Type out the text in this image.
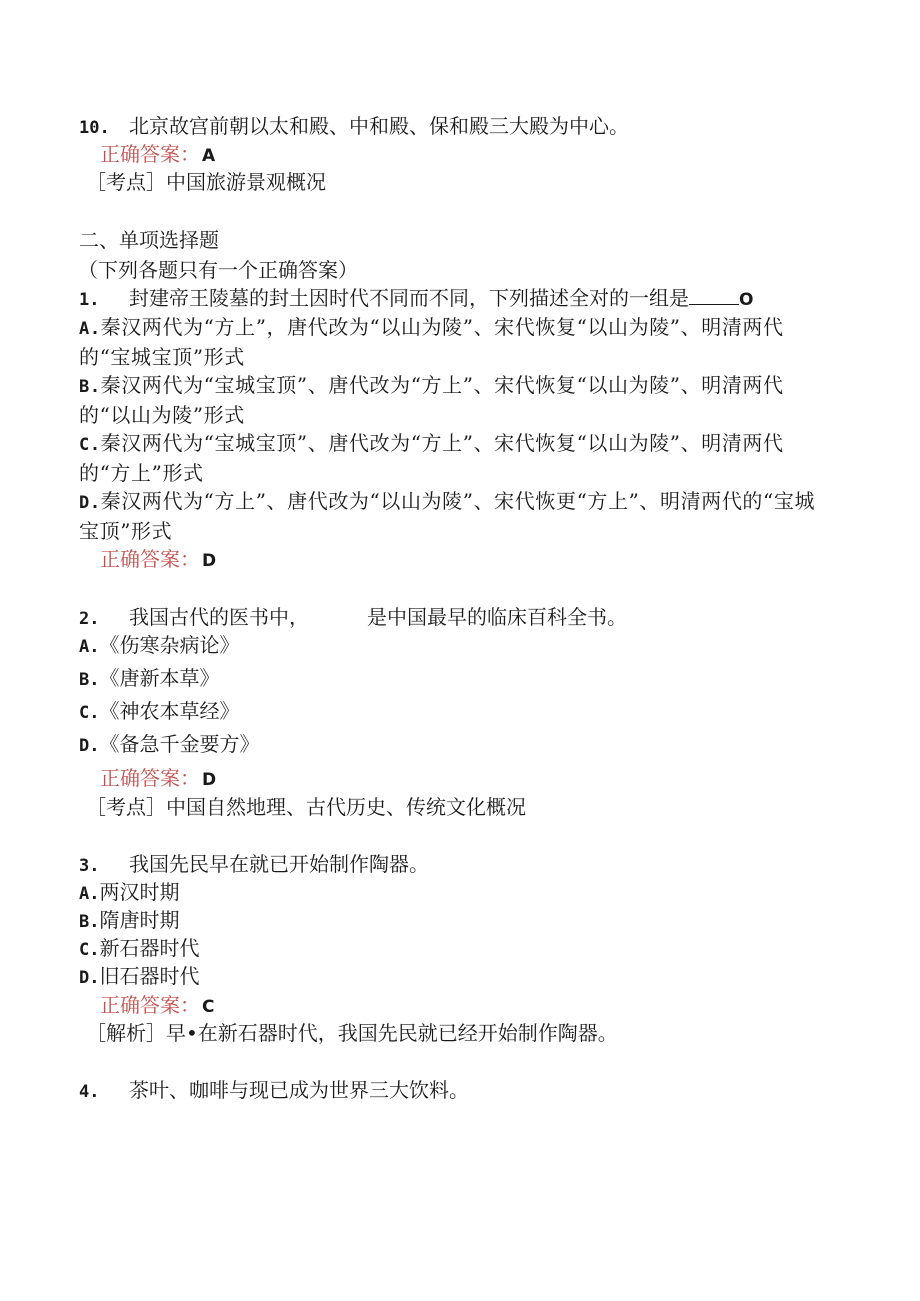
10. 北京故宫前朝以太和殿、中和殿、保和殿三大殿为中心。
正确答案： A
［考点］中国旅游景观概况
二、单项选择题
（下列各题只有一个正确答案）
1. 封建帝王陵墓的封土因时代不同而不同，下列描述全对的一组是	O
A.秦汉两代为“方上”，唐代改为“以山为陵”、宋代恢复“以山为陵”、明清两代的“宝城宝顶”形式
B.秦汉两代为“宝城宝顶”、唐代改为“方上”、宋代恢复“以山为陵”、明清两代的“以山为陵”形式
C.秦汉两代为“宝城宝顶”、唐代改为“方上”、宋代恢复“以山为陵”、明清两代的“方上”形式
D.秦汉两代为“方上”、唐代改为“以山为陵”、宋代恢更“方上”、明清两代的“宝城宝顶”形式
正确答案： D
2. 我国古代的医书中，	是中国最早的临床百科全书。
A.《伤寒杂病论》
B.《唐新本草》
C.《神农本草经》
D.《备急千金要方》
正确答案： D
［考点］中国自然地理、古代历史、传统文化概况
3. 我国先民早在就已开始制作陶器。
A.两汉时期
B.隋唐时期
C.新石器时代
D.旧石器时代
正确答案： C
［解析］早•在新石器时代，我国先民就已经开始制作陶器。
4. 茶叶、咖啡与现已成为世界三大饮料。
